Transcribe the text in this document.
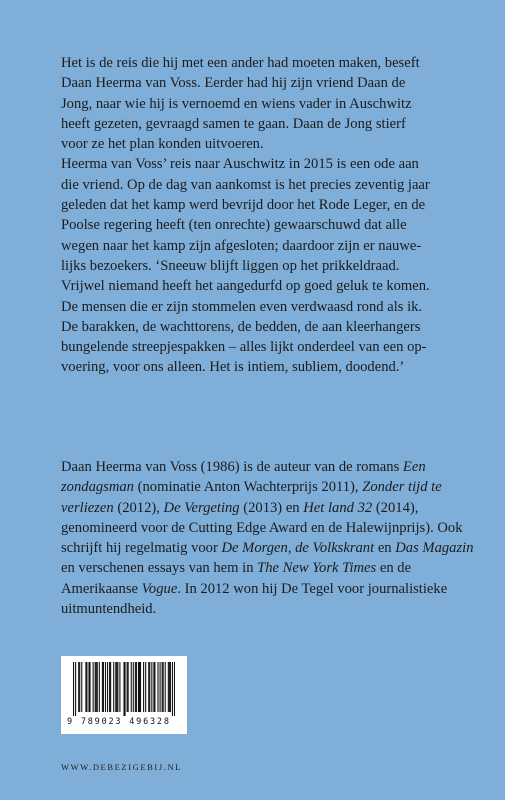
Het is de reis die hij met een ander had moeten maken, beseft
Daan Heerma van Voss. Eerder had hij zijn vriend Daan de
Jong, naar wie hij is vernoemd en wiens vader in Auschwitz
heeft gezeten, gevraagd samen te gaan. Daan de Jong stierf
voor ze het plan konden uitvoeren.

Heerma van Voss’ reis naar Auschwitz in 2015 is een ode aan
die vriend. Op de dag van aankomst is het precies zeventig jaar
geleden dat het kamp werd bevrijd door het Rode Leger, en de
Poolse regering heeft (ten onrechte) gewaarschuwd dat alle
wegen naar het kamp zijn afgesloten; daardoor zijn er nauwe-
lijks bezoekers. ‘Sneeuw blijft liggen op het prikkeldraad.
Vrijwel niemand heeft het aangedurfd op goed geluk te komen.
De mensen die er zijn stommelen even verdwaasd rond als ik.
De barakken, de wachttorens, de bedden, de aan kleerhangers
bungelende streepjespakken – alles lijkt onderdeel van een op-
voering, voor ons alleen. Het is intiem, subliem, doodend.’

Daan Heerma van Voss (1986) is de auteur van de romans Een zondagsman (nominatie Anton Wachterprijs 2011), Zonder tijd te verliezen (2012), De Vergeting (2013) en Het land 32 (2014), genomineerd voor de Cutting Edge Award en de Halewijnprijs). Ook schrijft hij regelmatig voor De Morgen, de Volkskrant en Das Magazin en verschenen essays van hem in The New York Times en de Amerikaanse Vogue. In 2012 won hij De Tegel voor journalistieke uitmuntendheid.

9 789023 496328
WWW.DEBEZIGEBIJ.NL
